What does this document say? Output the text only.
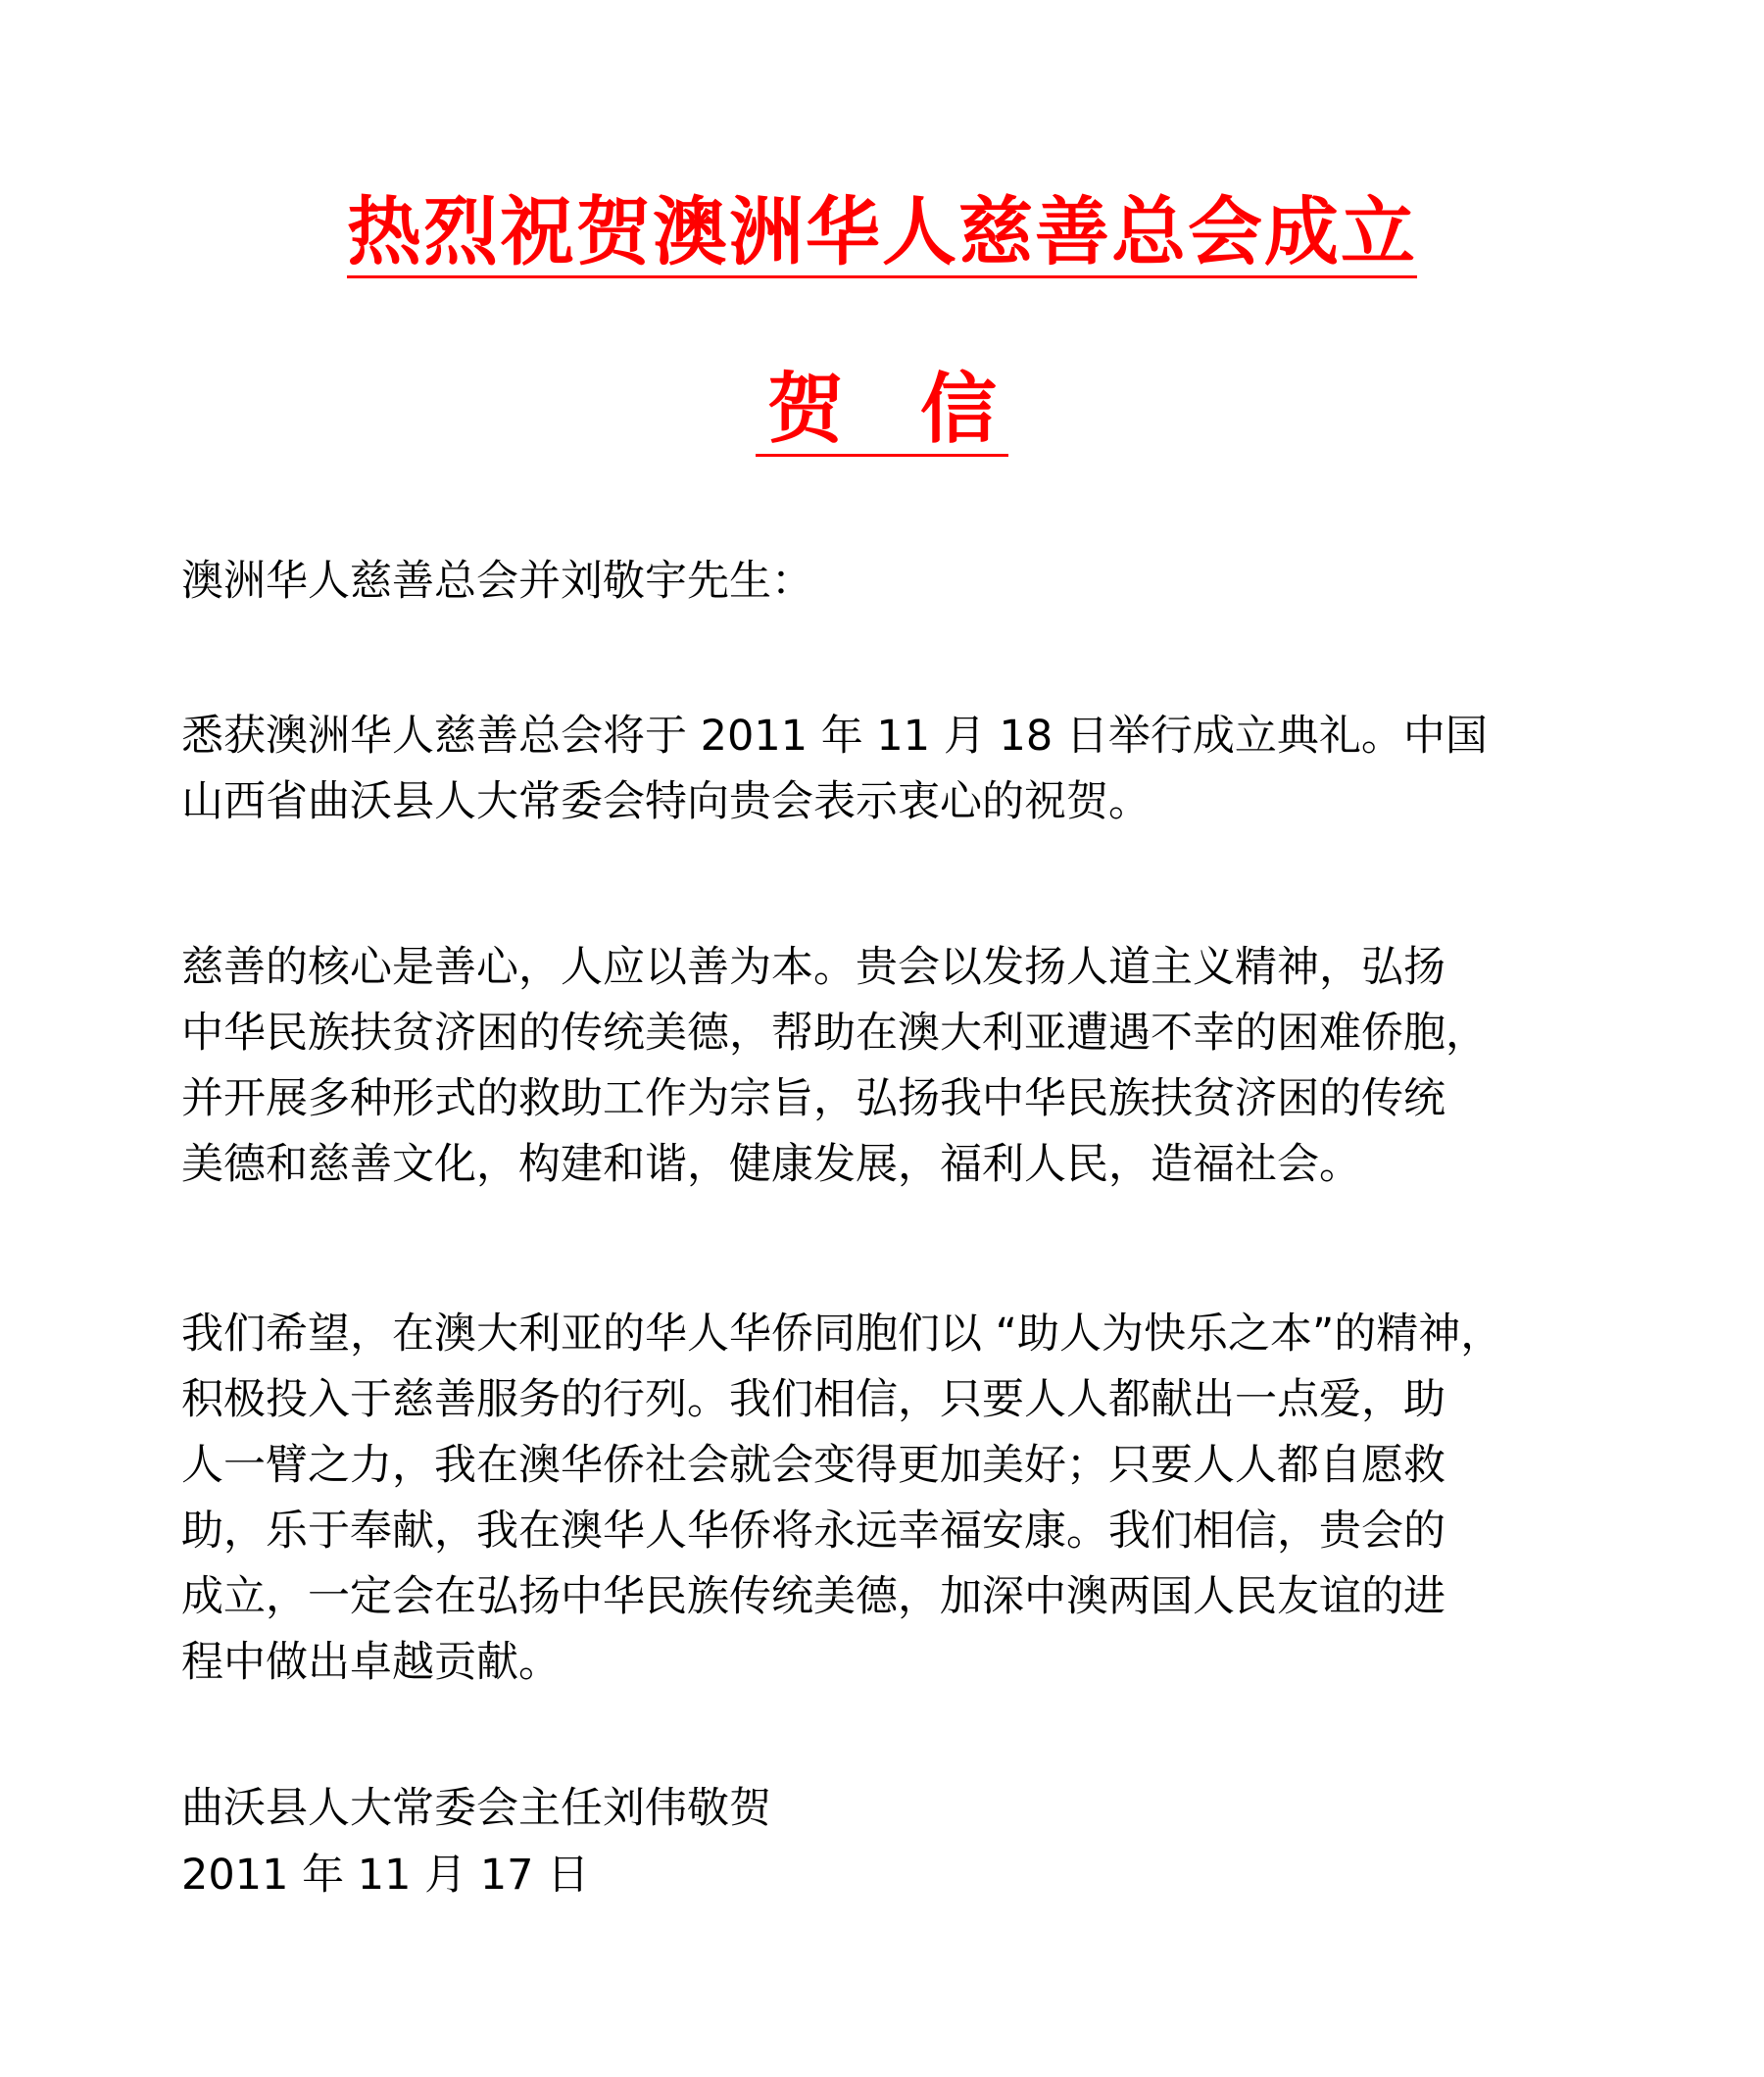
热烈祝贺澳洲华人慈善总会成立
贺　信

澳洲华人慈善总会并刘敬宇先生：

悉获澳洲华人慈善总会将于 2011 年 11 月 18 日举行成立典礼。中国
山西省曲沃县人大常委会特向贵会表示衷心的祝贺。

慈善的核心是善心，人应以善为本。贵会以发扬人道主义精神，弘扬
中华民族扶贫济困的传统美德，帮助在澳大利亚遭遇不幸的困难侨胞，
并开展多种形式的救助工作为宗旨，弘扬我中华民族扶贫济困的传统
美德和慈善文化，构建和谐，健康发展，福利人民，造福社会。

我们希望，在澳大利亚的华人华侨同胞们以 “助人为快乐之本”的精神，
积极投入于慈善服务的行列。我们相信，只要人人都献出一点爱，助
人一臂之力，我在澳华侨社会就会变得更加美好；只要人人都自愿救
助，乐于奉献，我在澳华人华侨将永远幸福安康。我们相信，贵会的
成立，一定会在弘扬中华民族传统美德，加深中澳两国人民友谊的进
程中做出卓越贡献。

曲沃县人大常委会主任刘伟敬贺

2011 年 11 月 17 日
